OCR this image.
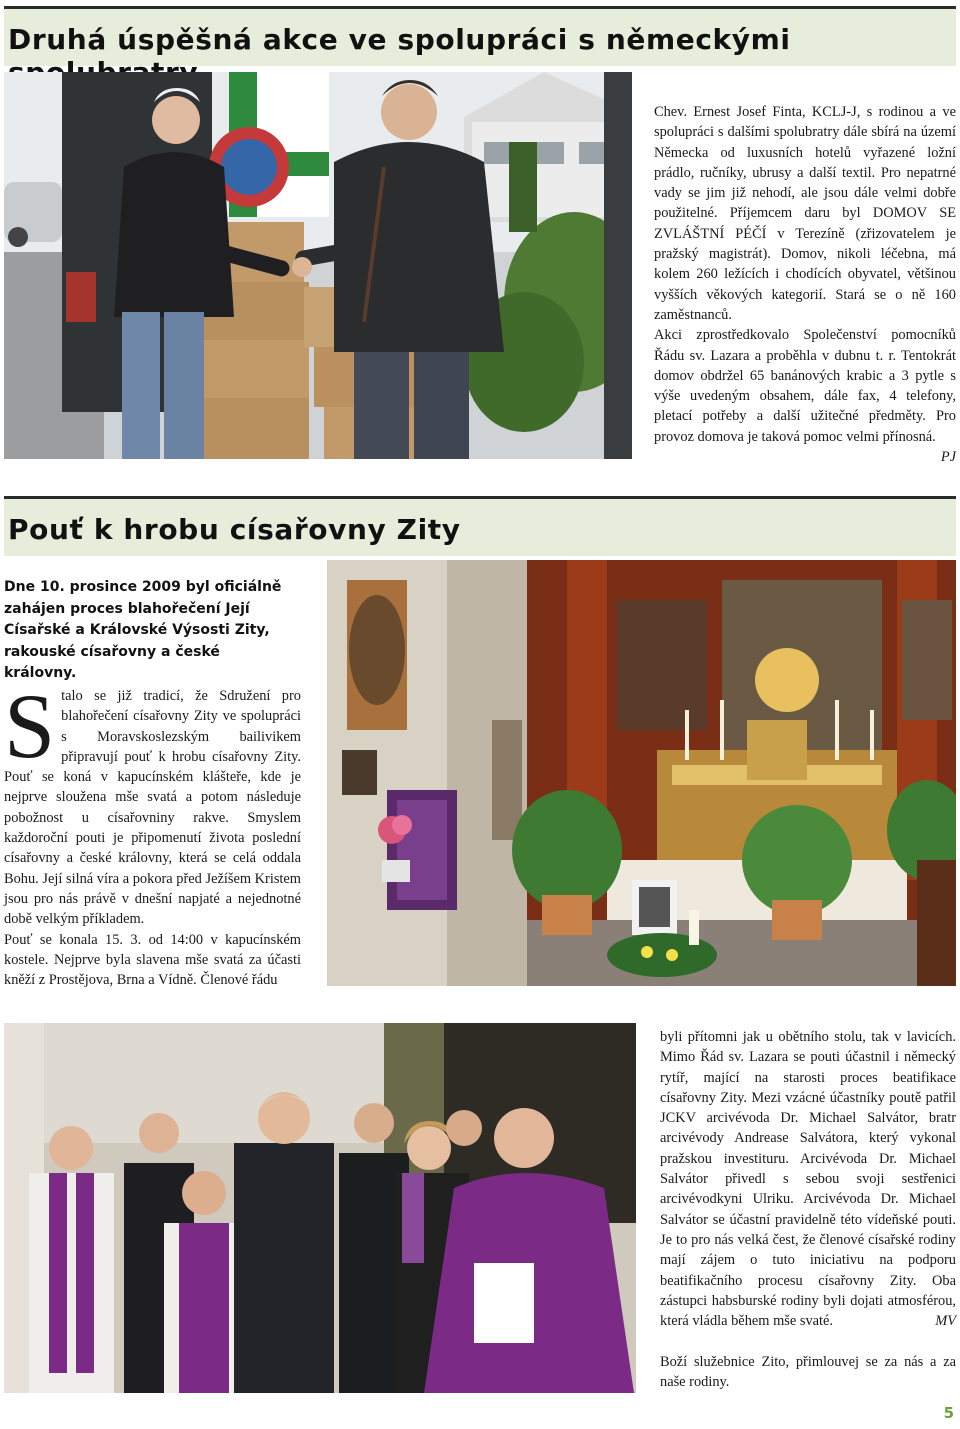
Druhá úspěšná akce ve spolupráci s německými

Chev. Ernest Josef Finta, KCLJ-J, s rodinou a ve spolupráci s dalšími spolubratry dále sbírá na území Německa od luxusních hotelů vyřazené ložní prádlo, ručníky, ubrusy a další textil. Pro nepatrné vady se jim již nehodí, ale jsou dále velmi dobře použitelné. Příjemcem daru byl DOMOV SE ZVLÁŠTNÍ PÉČÍ v Terezíně (zřizovatelem je pražský magistrát). Domov, nikoli léčebna, má kolem 260 ležících i chodících obyvatel, většinou vyšších věkových kategorií. Stará se o ně 160 zaměstnanců.

Akci zprostředkovalo Společenství pomocníků Řádu sv. Lazara a proběhla v dubnu t. r. Tentokrát domov obdržel 65 banánových krabic a 3 pytle s výše uvedeným obsahem, dále fax, 4 telefony, pletací potřeby a další užitečné předměty. Pro provoz domova je taková pomoc velmi přínosná.

PJ
Pouť k hrobu císařovny Zity
Dne 10. prosince 2009 byl oficiálně zahájen proces blahořečení Její Císařské a Královské Výsosti Zity, rakouské císařovny a české královny.

S talo se již tradicí, že Sdružení pro blahořečení císařovny Zity ve spolupráci s Moravskoslezským bailivikem připravují pouť k hrobu císařovny Zity. Pouť se koná v kapucínském klášteře, kde je nejprve sloužena mše svatá a potom následuje pobožnost u císařovniny rakve. Smyslem každoroční pouti je připomenutí života poslední císařovny a české královny, která se celá oddala Bohu. Její silná víra a pokora před Ježíšem Kristem jsou pro nás právě v dnešní napjaté a nejednotné době velkým příkladem.

Pouť se konala 15. 3. od 14:00 v kapucínském kostele. Nejprve byla slavena mše svatá za účasti kněží z Prostějova, Brna a Vídně. Členové řádu

byli přítomni jak u obětního stolu, tak v lavicích. Mimo Řád sv. Lazara se pouti účastnil i německý rytíř, mající na starosti proces beatifikace císařovny Zity. Mezi vzácné účastníky poutě patřil JCKV arcivévoda Dr. Michael Salvátor, bratr arcivévody Andrease Salvátora, který vykonal pražskou investituru. Arcivévoda Dr. Michael Salvátor přivedl s sebou svoji sestřenici arcivévodkyni Ulriku. Arcivévoda Dr. Michael Salvátor se účastní pravidelně této vídeňské pouti. Je to pro nás velká čest, že členové císařské rodiny mají zájem o tuto iniciativu na podporu beatifikačního procesu císařovny Zity. Oba zástupci habsburské rodiny byli dojati atmosférou, která vládla během mše svaté.	MV

Boží služebnice Zito, přimlouvej se za nás a za naše rodiny.

5
